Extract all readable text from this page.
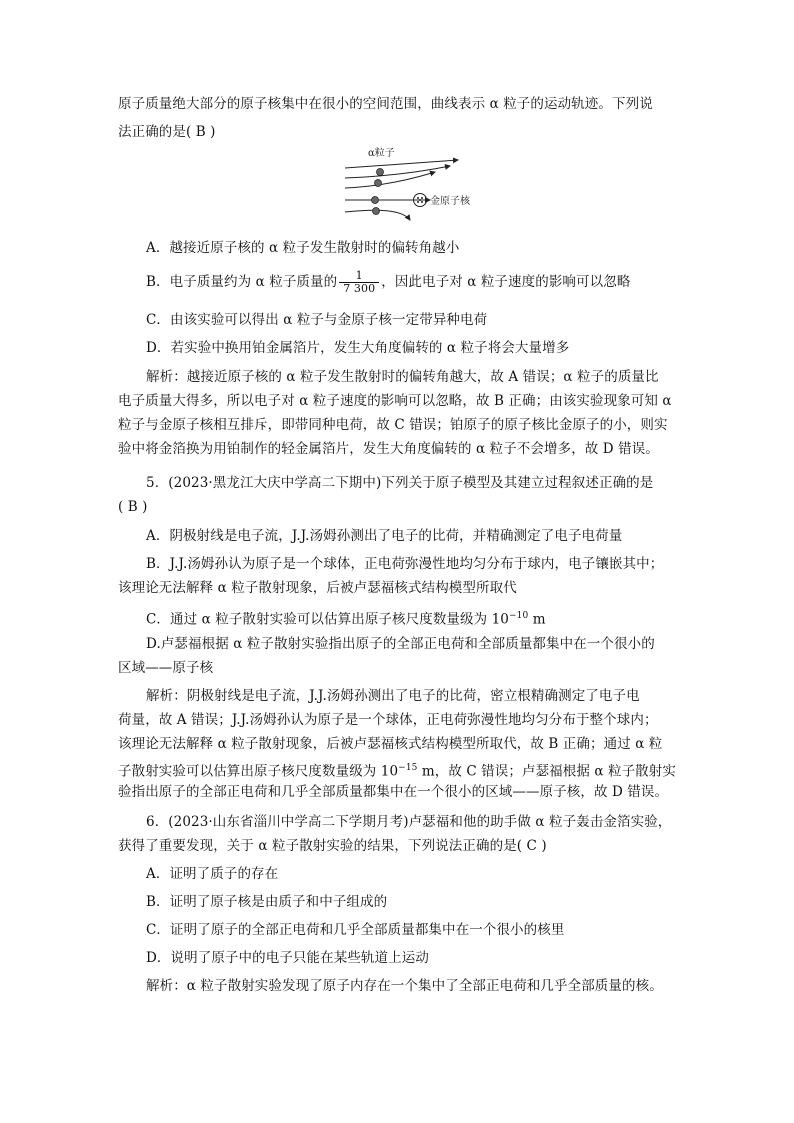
原子质量绝大部分的原子核集中在很小的空间范围，曲线表示 α 粒子的运动轨迹。下列说
法正确的是( B )
α粒子
金原子核
A．越接近原子核的 α 粒子发生散射时的偏转角越小
B．电子质量约为 α 粒子质量的 $\frac{1}{7 300}$ ，因此电子对 α 粒子速度的影响可以忽略
C．由该实验可以得出 α 粒子与金原子核一定带异种电荷
D．若实验中换用铂金属箔片，发生大角度偏转的 α 粒子将会大量增多
解析：越接近原子核的 α 粒子发生散射时的偏转角越大，故 A 错误；α 粒子的质量比
电子质量大得多，所以电子对 α 粒子速度的影响可以忽略，故 B 正确；由该实验现象可知 α
粒子与金原子核相互排斥，即带同种电荷，故 C 错误；铂原子的原子核比金原子的小，则实
验中将金箔换为用铂制作的轻金属箔片，发生大角度偏转的 α 粒子不会增多，故 D 错误。
5．(2023·黑龙江大庆中学高二下期中)下列关于原子模型及其建立过程叙述正确的是
( B )
A．阴极射线是电子流，J.J.汤姆孙测出了电子的比荷，并精确测定了电子电荷量
B．J.J.汤姆孙认为原子是一个球体，正电荷弥漫性地均匀分布于球内，电子镶嵌其中；
该理论无法解释 α 粒子散射现象，后被卢瑟福核式结构模型所取代
C．通过 α 粒子散射实验可以估算出原子核尺度数量级为 $10^{-10}$ m
D.卢瑟福根据 α 粒子散射实验指出原子的全部正电荷和全部质量都集中在一个很小的
区域——原子核
解析：阴极射线是电子流，J.J.汤姆孙测出了电子的比荷，密立根精确测定了电子电
荷量，故 A 错误；J.J.汤姆孙认为原子是一个球体，正电荷弥漫性地均匀分布于整个球内；
该理论无法解释 α 粒子散射现象，后被卢瑟福核式结构模型所取代，故 B 正确；通过 α 粒
子散射实验可以估算出原子核尺度数量级为 $10^{-15}$ m，故 C 错误；卢瑟福根据 α 粒子散射实
验指出原子的全部正电荷和几乎全部质量都集中在一个很小的区域——原子核，故 D 错误。
6．(2023·山东省淄川中学高二下学期月考)卢瑟福和他的助手做 α 粒子轰击金箔实验，
获得了重要发现，关于 α 粒子散射实验的结果，下列说法正确的是( C )
A．证明了质子的存在
B．证明了原子核是由质子和中子组成的
C．证明了原子的全部正电荷和几乎全部质量都集中在一个很小的核里
D．说明了原子中的电子只能在某些轨道上运动
解析：α 粒子散射实验发现了原子内存在一个集中了全部正电荷和几乎全部质量的核。
